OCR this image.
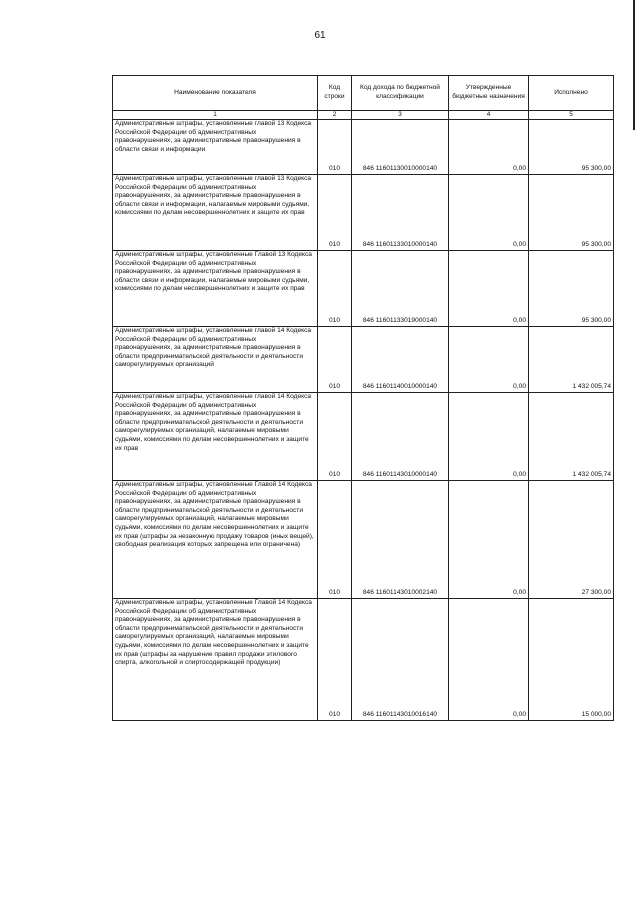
61
Наименование показателя	Код строки	Код дохода по бюджетной классификации	Утвержденные бюджетные назначения	Исполнено
1	2	3	4	5
Административные штрафы, установленные главой 13 Кодекса Российской Федерации об административных правонарушениях, за административные правонарушения в области связи и информации	010	846 11601130010000140	0,00	95 300,00
Административные штрафы, установленные главой 13 Кодекса Российской Федерации об административных правонарушениях, за административные правонарушения в области связи и информации, налагаемые мировыми судьями, комиссиями по делам несовершеннолетних и защите их прав	010	846 11601133010000140	0,00	95 300,00
Административные штрафы, установленные Главой 13 Кодекса Российской Федерации об административных правонарушениях, за административные правонарушения в области связи и информации, налагаемые мировыми судьями, комиссиями по делам несовершеннолетних и защите их прав	010	846 11601133019000140	0,00	95 300,00
Административные штрафы, установленные главой 14 Кодекса Российской Федерации об административных правонарушениях, за административные правонарушения в области предпринимательской деятельности и деятельности саморегулируемых организаций	010	846 11601140010000140	0,00	1 432 005,74
Административные штрафы, установленные главой 14 Кодекса Российской Федерации об административных правонарушениях, за административные правонарушения в области предпринимательской деятельности и деятельности саморегулируемых организаций, налагаемые мировыми судьями, комиссиями по делам несовершеннолетних и защите их прав	010	846 11601143010000140	0,00	1 432 005,74
Административные штрафы, установленные Главой 14 Кодекса Российской Федерации об административных правонарушениях, за административные правонарушения в области предпринимательской деятельности и деятельности саморегулируемых организаций, налагаемые мировыми судьями, комиссиями по делам несовершеннолетних и защите их прав (штрафы за незаконную продажу товаров (иных вещей), свободная реализация которых запрещена или ограничена)	010	846 11601143010002140	0,00	27 300,00
Административные штрафы, установленные Главой 14 Кодекса Российской Федерации об административных правонарушениях, за административные правонарушения в области предпринимательской деятельности и деятельности саморегулируемых организаций, налагаемые мировыми судьями, комиссиями по делам несовершеннолетних и защите их прав (штрафы за нарушение правил продажи этилового спирта, алкогольной и спиртосодержащей продукции)	010	846 11601143010016140	0,00	15 000,00
